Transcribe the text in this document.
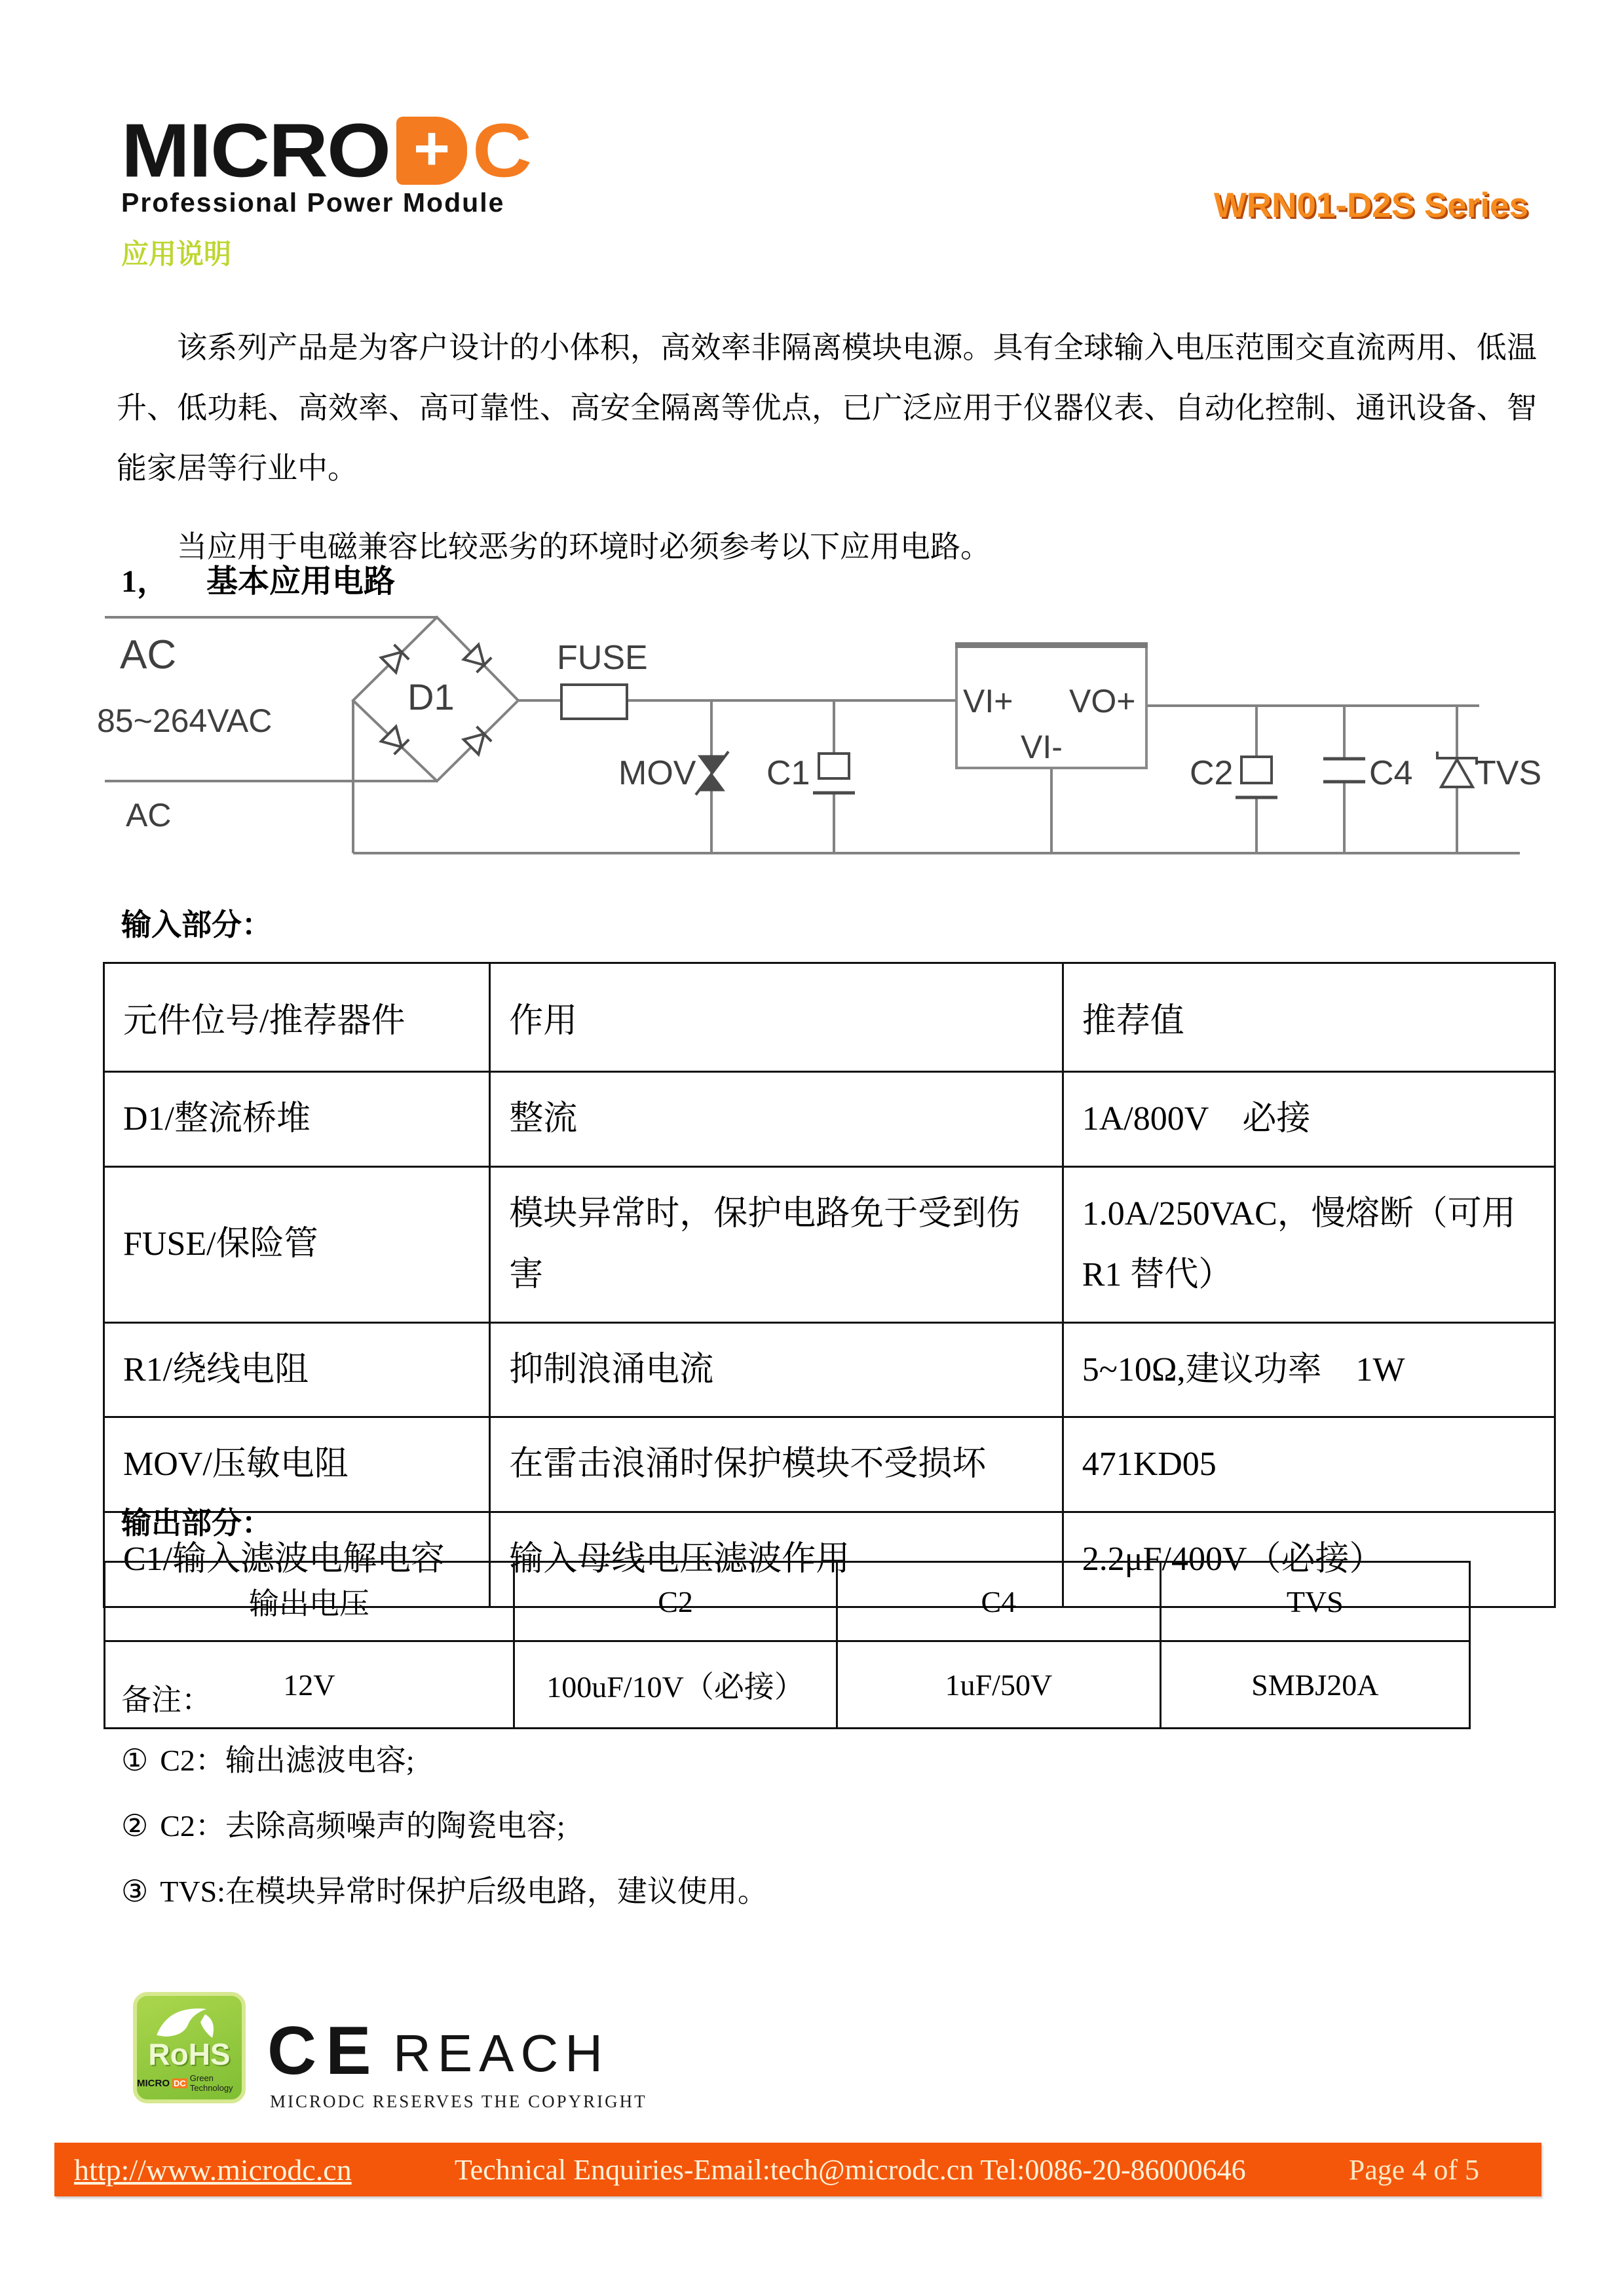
MICRO + C
Professional Power Module	WRN01-D2S Series
应用说明

该系列产品是为客户设计的小体积，高效率非隔离模块电源。具有全球输入电压范围交直流两用、低温升、低功耗、高效率、高可靠性、高安全隔离等优点，已广泛应用于仪器仪表、自动化控制、通讯设备、智能家居等行业中。

当应用于电磁兼容比较恶劣的环境时必须参考以下应用电路。

1， 基本应用电路
AC
85~264VAC
AC
D1
FUSE
MOV C1
VI+ VO+
VI-
C2	C4 TVS
输入部分：
元件位号/推荐器件	作用	推荐值
D1/整流桥堆	整流	1A/800V　必接
FUSE/保险管	模块异常时，保护电路免于受到伤害	1.0A/250VAC，慢熔断（可用R1 替代）
R1/绕线电阻	抑制浪涌电流	5~10Ω,建议功率　1W
MOV/压敏电阻	在雷击浪涌时保护模块不受损坏	471KD05
C1/输入滤波电解电容	输入母线电压滤波作用	2.2μF/400V（必接）
输出部分：
输出电压	C2	C4	TVS
12V	100uF/10V（必接）	1uF/50V	SMBJ20A

备注：

① C2：输出滤波电容;
② C2：去除高频噪声的陶瓷电容;
③ TVS:在模块异常时保护后级电路，建议使用。
RoHS
MICRO DC Green Technology CE REACH
MICRODC RESERVES THE COPYRIGHT
http://www.microdc.cn	Technical Enquiries-Email:tech@microdc.cn Tel:0086-20-86000646	Page 4 of 5
